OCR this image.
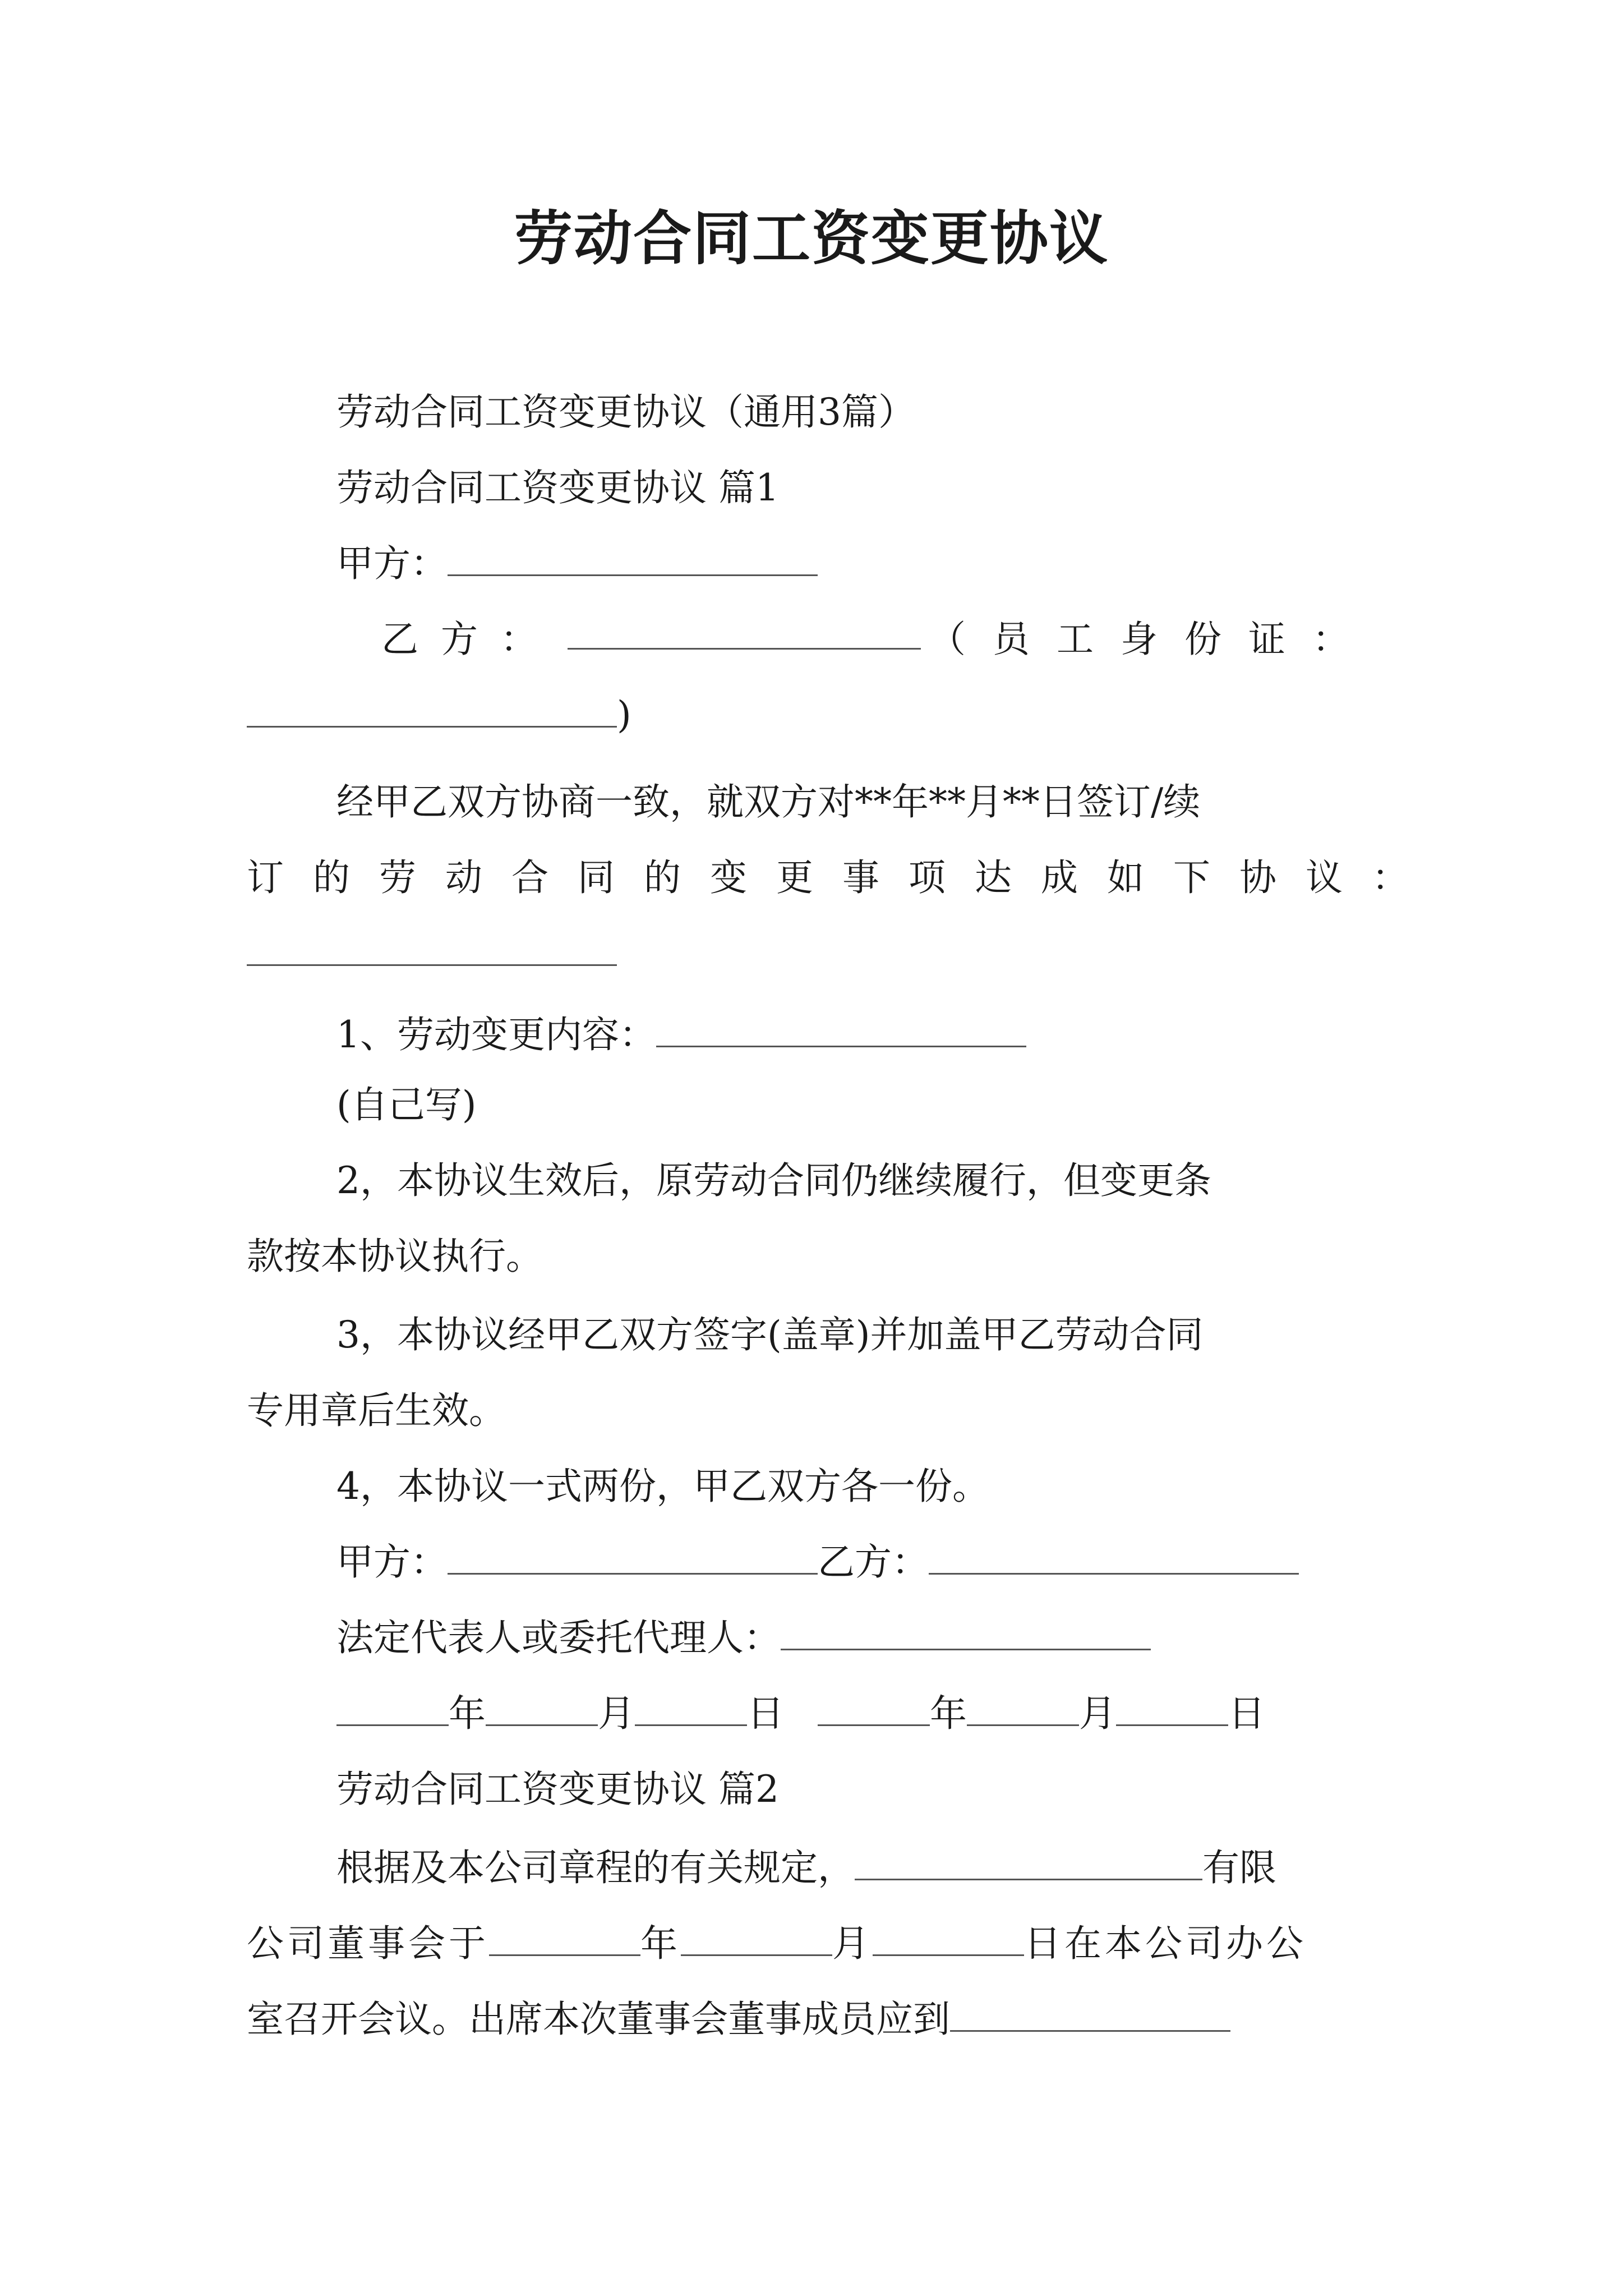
劳动合同工资变更协议
劳动合同工资变更协议（通用3篇）
劳动合同工资变更协议 篇1
甲方：
乙方：	（员工身份证：
)
经甲乙双方协商一致，就双方对**年**月**日签订/续
订的劳动合同的变更事项达成如下协议：
1、劳动变更内容：
(自己写)
2，本协议生效后，原劳动合同仍继续履行，但变更条
款按本协议执行。
3，本协议经甲乙双方签字(盖章)并加盖甲乙劳动合同
专用章后生效。
4，本协议一式两份，甲乙双方各一份。
甲方：	乙方：
法定代表人或委托代理人：
年	月	日	年	月	日
劳动合同工资变更协议 篇2
根据及本公司章程的有关规定，	有限
公司董事会于	年	月	日在本公司办公
室召开会议。出席本次董事会董事成员应到
